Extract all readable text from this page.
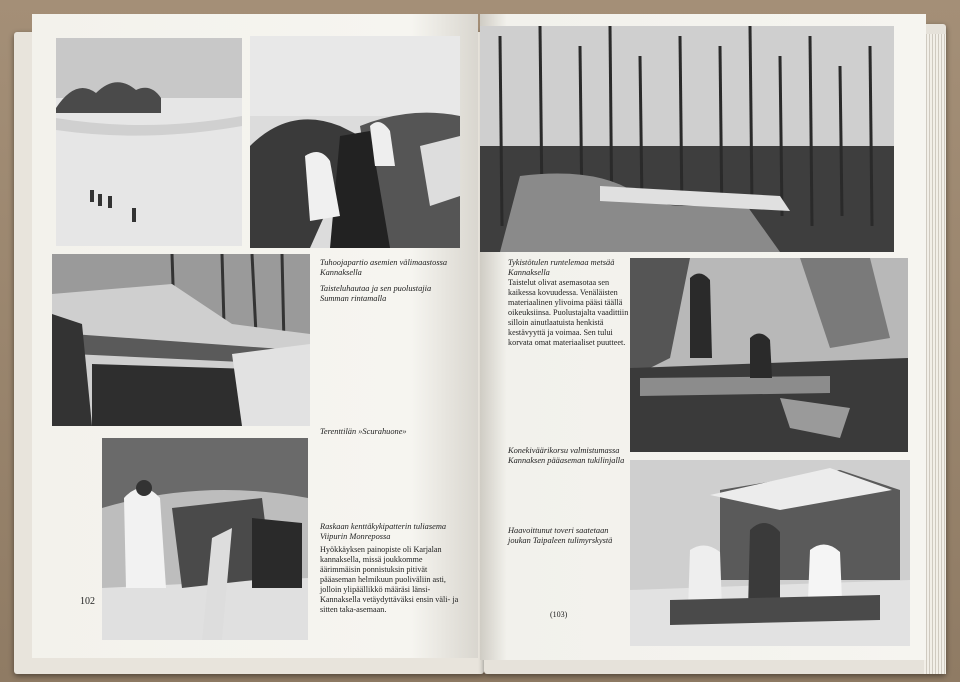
Tuhoojapartio asemien välimaastossa Kannaksella
Taisteluhautaa ja sen puolustajia Summan rintamalla
Terenttilän »Scurahuone»
Raskaan kenttäkykipatterin tuliasema Viipurin Monrepossa
Hyökkäyksen painopiste oli Karjalan kannaksella, missä joukkomme äärimmäisin ponnistuksin pitivät pääaseman helmikuun puoliväliin asti, jolloin ylipäällikkö määräsi länsi-Kannaksella vetäydyttäväksi ensin väli- ja sitten taka-asemaan.
102
Tykistötulen runtelemaa metsää Kannaksella
Taistelut olivat asemasotaa sen kaikessa kovuudessa. Venäläisten materiaalinen ylivoima pääsi täällä oikeuksiinsa. Puolustajalta vaadittiin silloin ainutlaatuista henkistä kestävyyttä ja voimaa. Sen tului korvata omat materiaaliset puutteet.
Konekiväärikorsu valmistumassa Kannaksen pääaseman tukilinjalla
Haavoittunut toveri saatetaan joukan Taipaleen tulimyrskystä
(103)
